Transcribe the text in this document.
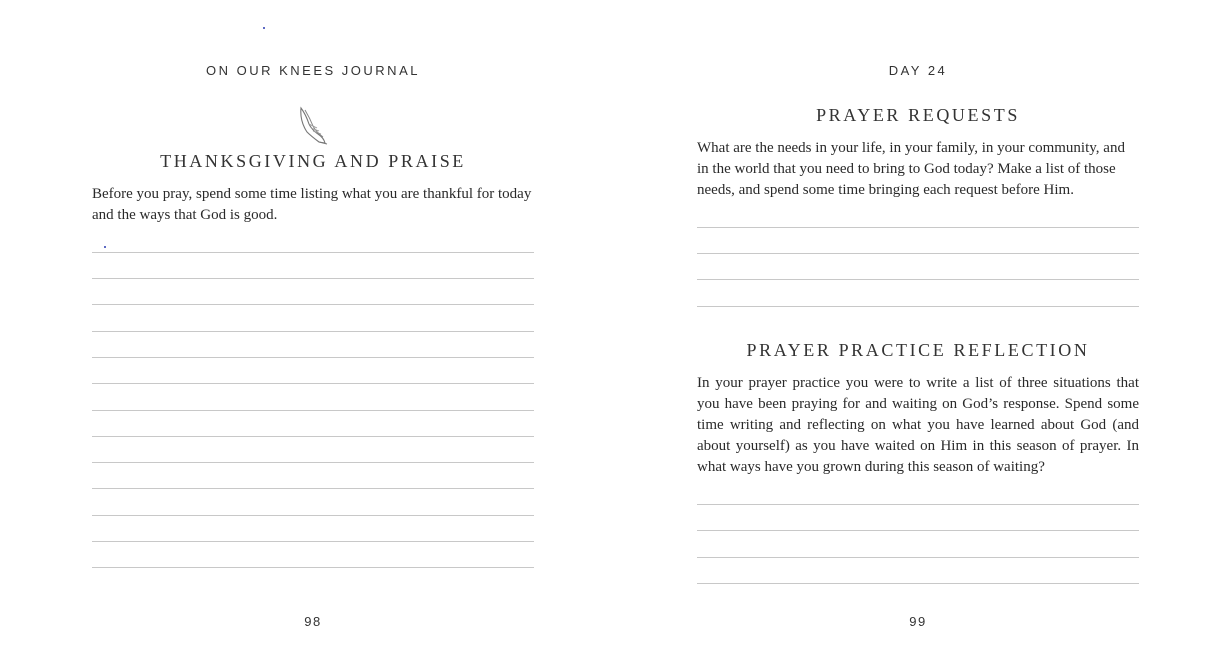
ON OUR KNEES JOURNAL
THANKSGIVING AND PRAISE

Before you pray, spend some time listing what you are thankful for today and the ways that God is good.

98
DAY 24
PRAYER REQUESTS

What are the needs in your life, in your family, in your community, and in the world that you need to bring to God today? Make a list of those needs, and spend some time bringing each request before Him.

PRAYER PRACTICE REFLECTION

In your prayer practice you were to write a list of three situations that you have been praying for and waiting on God’s response. Spend some time writing and reflecting on what you have learned about God (and about yourself) as you have waited on Him in this season of prayer. In what ways have you grown during this season of waiting?

99
